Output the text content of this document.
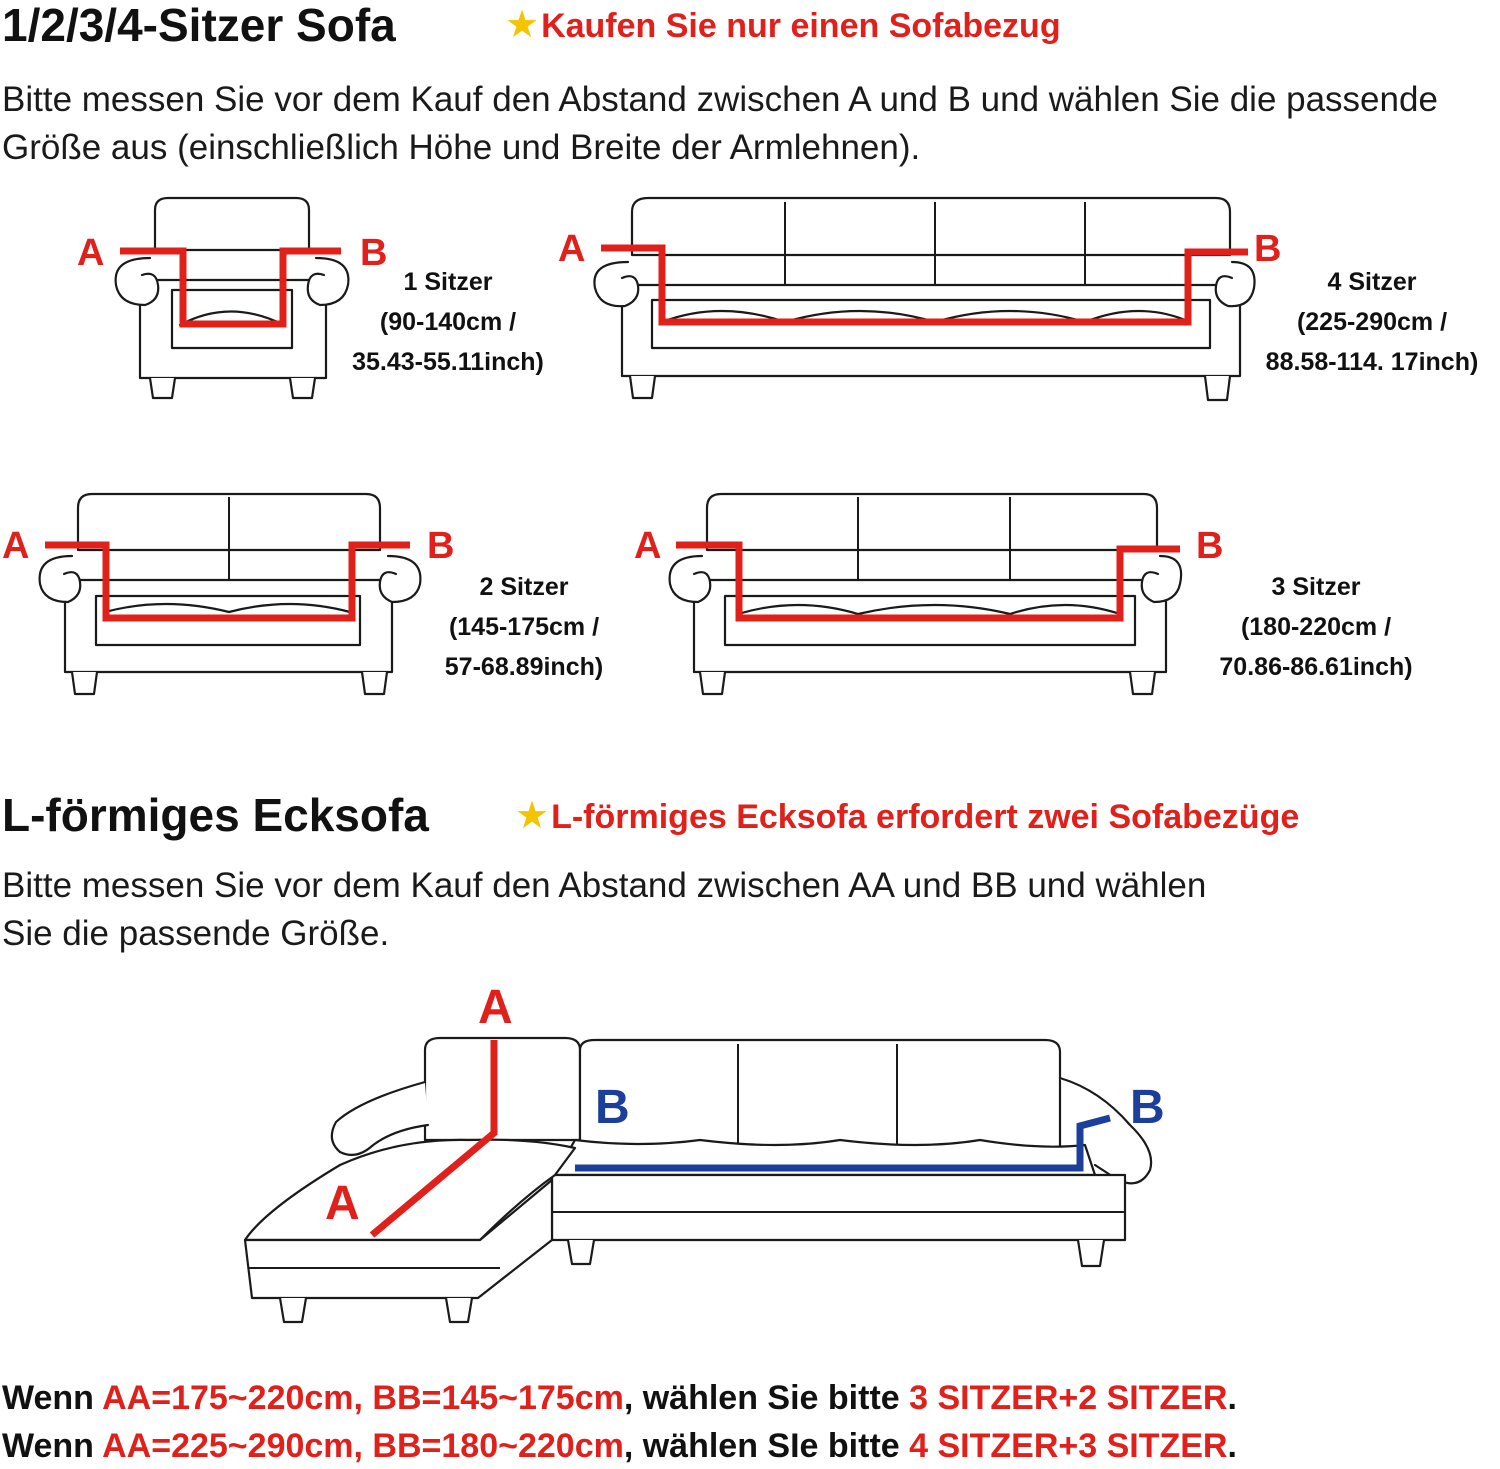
1/2/3/4-Sitzer Sofa	★Kaufen Sie nur einen Sofabezug
Bitte messen Sie vor dem Kauf den Abstand zwischen A und B und wählen Sie die passende Größe aus (einschließlich Höhe und Breite der Armlehnen).
A	B
1 Sitzer
(90-140cm /
35.43-55.11inch)
A	B
4 Sitzer
(225-290cm /
88.58-114. 17inch)
A	B
2 Sitzer
(145-175cm /
57-68.89inch)
A	B
3 Sitzer
(180-220cm /
70.86-86.61inch)
L-förmiges Ecksofa ★L-förmiges Ecksofa erfordert zwei Sofabezüge
Bitte messen Sie vor dem Kauf den Abstand zwischen AA und BB und wählen Sie die passende Größe.
A
A
B	B
Wenn AA=175~220cm, BB=145~175cm, wählen Sie bitte 3 SITZER+2 SITZER.
Wenn AA=225~290cm, BB=180~220cm, wählen SIe bitte 4 SITZER+3 SITZER.
